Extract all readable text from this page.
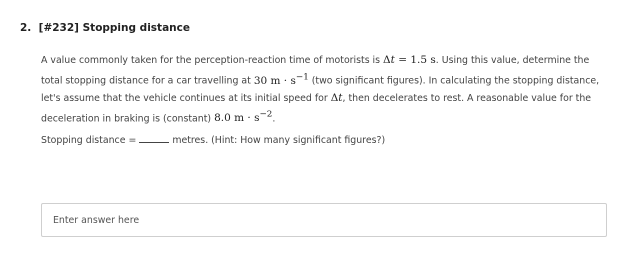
2. [#232] Stopping distance
A value commonly taken for the perception-reaction time of motorists is Δt = 1.5 s. Using this value, determine the total stopping distance for a car travelling at 30 $m \cdot s^{-1}$ (two significant figures). In calculating the stopping distance, let's assume that the vehicle continues at its initial speed for Δt, then decelerates to rest. A reasonable value for the deceleration in braking is (constant) 8.0 $m \cdot s^{-2}$.
Stopping distance =	metres. (Hint: How many significant figures?)
Enter answer here
